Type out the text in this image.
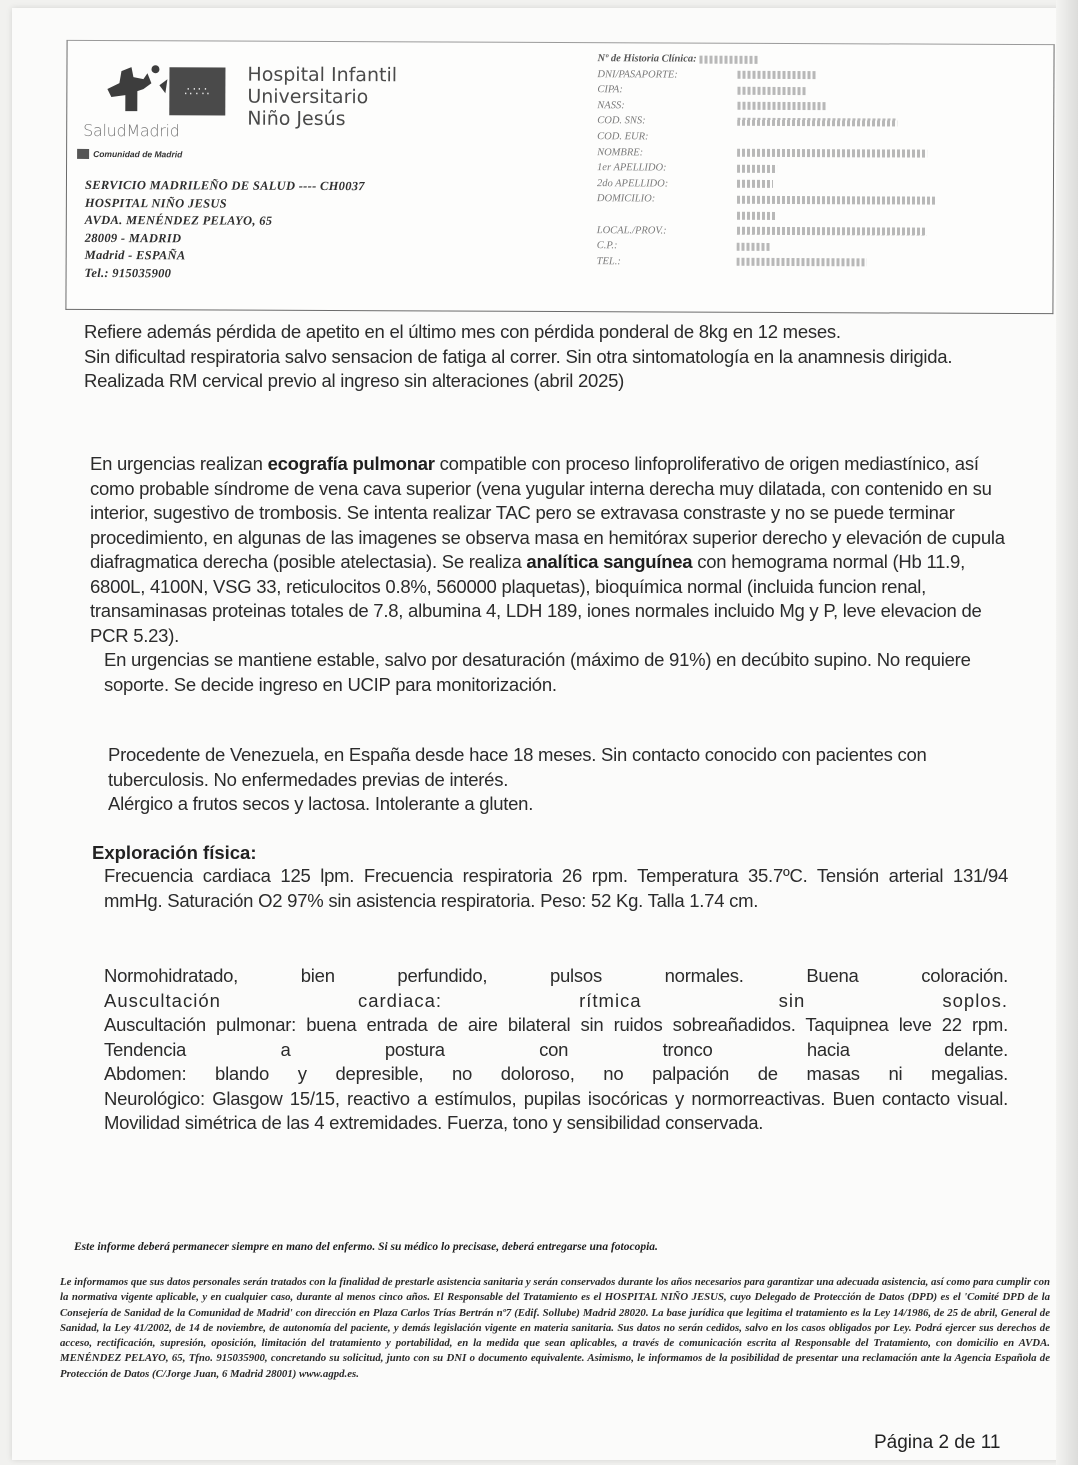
∴∵∴
SaludMadrid
Comunidad de Madrid
Hospital Infantil
Universitario
Niño Jesús
SERVICIO MADRILEÑO DE SALUD ---- CH0037
HOSPITAL NIÑO JESUS
AVDA. MENÉNDEZ PELAYO, 65
28009 - MADRID
Madrid - ESPAÑA
Tel.: 915035900
Nº de Historia Clínica:

DNI/PASAPORTE:
CIPA:
NASS:
COD. SNS:
COD. EUR:
NOMBRE:
1er APELLIDO:
2do APELLIDO:
DOMICILIO:
LOCAL./PROV.:
C.P.:
TEL.:

Refiere además pérdida de apetito en el último mes con pérdida ponderal de 8kg en 12 meses.

Sin dificultad respiratoria salvo sensacion de fatiga al correr. Sin otra sintomatología en la anamnesis dirigida.

Realizada RM cervical previo al ingreso sin alteraciones (abril 2025)

En urgencias realizan ecografía pulmonar compatible con proceso linfoproliferativo de origen mediastínico, así como probable síndrome de vena cava superior (vena yugular interna derecha muy dilatada, con contenido en su interior, sugestivo de trombosis. Se intenta realizar TAC pero se extravasa constraste y no se puede terminar procedimiento, en algunas de las imagenes se observa masa en hemitórax superior derecho y elevación de cupula diafragmatica derecha (posible atelectasia). Se realiza analítica sanguínea con hemograma normal (Hb 11.9, 6800L, 4100N, VSG 33, reticulocitos 0.8%, 560000 plaquetas), bioquímica normal (incluida funcion renal, transaminasas proteinas totales de 7.8, albumina 4, LDH 189, iones normales incluido Mg y P, leve elevacion de PCR 5.23).

En urgencias se mantiene estable, salvo por desaturación (máximo de 91%) en decúbito supino. No requiere soporte. Se decide ingreso en UCIP para monitorización.

Procedente de Venezuela, en España desde hace 18 meses. Sin contacto conocido con pacientes con tuberculosis. No enfermedades previas de interés.

Alérgico a frutos secos y lactosa. Intolerante a gluten.

Exploración física:
Frecuencia cardiaca 125 lpm. Frecuencia respiratoria 26 rpm. Temperatura 35.7ºC. Tensión arterial 131/94 mmHg. Saturación O2 97% sin asistencia respiratoria. Peso: 52 Kg. Talla 1.74 cm.

Normohidratado, bien perfundido, pulsos normales. Buena coloración.

Auscultación cardiaca: rítmica sin soplos.

Auscultación pulmonar: buena entrada de aire bilateral sin ruidos sobreañadidos. Taquipnea leve 22 rpm. Tendencia a postura con tronco hacia delante.

Abdomen: blando y depresible, no doloroso, no palpación de masas ni megalias.

Neurológico: Glasgow 15/15, reactivo a estímulos, pupilas isocóricas y normorreactivas. Buen contacto visual. Movilidad simétrica de las 4 extremidades. Fuerza, tono y sensibilidad conservada.

Este informe deberá permanecer siempre en mano del enfermo. Si su médico lo precisase, deberá entregarse una fotocopia.
Le informamos que sus datos personales serán tratados con la finalidad de prestarle asistencia sanitaria y serán conservados durante los años necesarios para garantizar una adecuada asistencia, así como para cumplir con la normativa vigente aplicable, y en cualquier caso, durante al menos cinco años. El Responsable del Tratamiento es el HOSPITAL NIÑO JESUS, cuyo Delegado de Protección de Datos (DPD) es el 'Comité DPD de la Consejería de Sanidad de la Comunidad de Madrid' con dirección en Plaza Carlos Trías Bertrán nº7 (Edif. Sollube) Madrid 28020. La base jurídica que legitima el tratamiento es la Ley 14/1986, de 25 de abril, General de Sanidad, la Ley 41/2002, de 14 de noviembre, de autonomía del paciente, y demás legislación vigente en materia sanitaria. Sus datos no serán cedidos, salvo en los casos obligados por Ley. Podrá ejercer sus derechos de acceso, rectificación, supresión, oposición, limitación del tratamiento y portabilidad, en la medida que sean aplicables, a través de comunicación escrita al Responsable del Tratamiento, con domicilio en AVDA. MENÉNDEZ PELAYO, 65, Tfno. 915035900, concretando su solicitud, junto con su DNI o documento equivalente. Asimismo, le informamos de la posibilidad de presentar una reclamación ante la Agencia Española de Protección de Datos (C/Jorge Juan, 6 Madrid 28001) www.agpd.es.
Página 2 de 11
